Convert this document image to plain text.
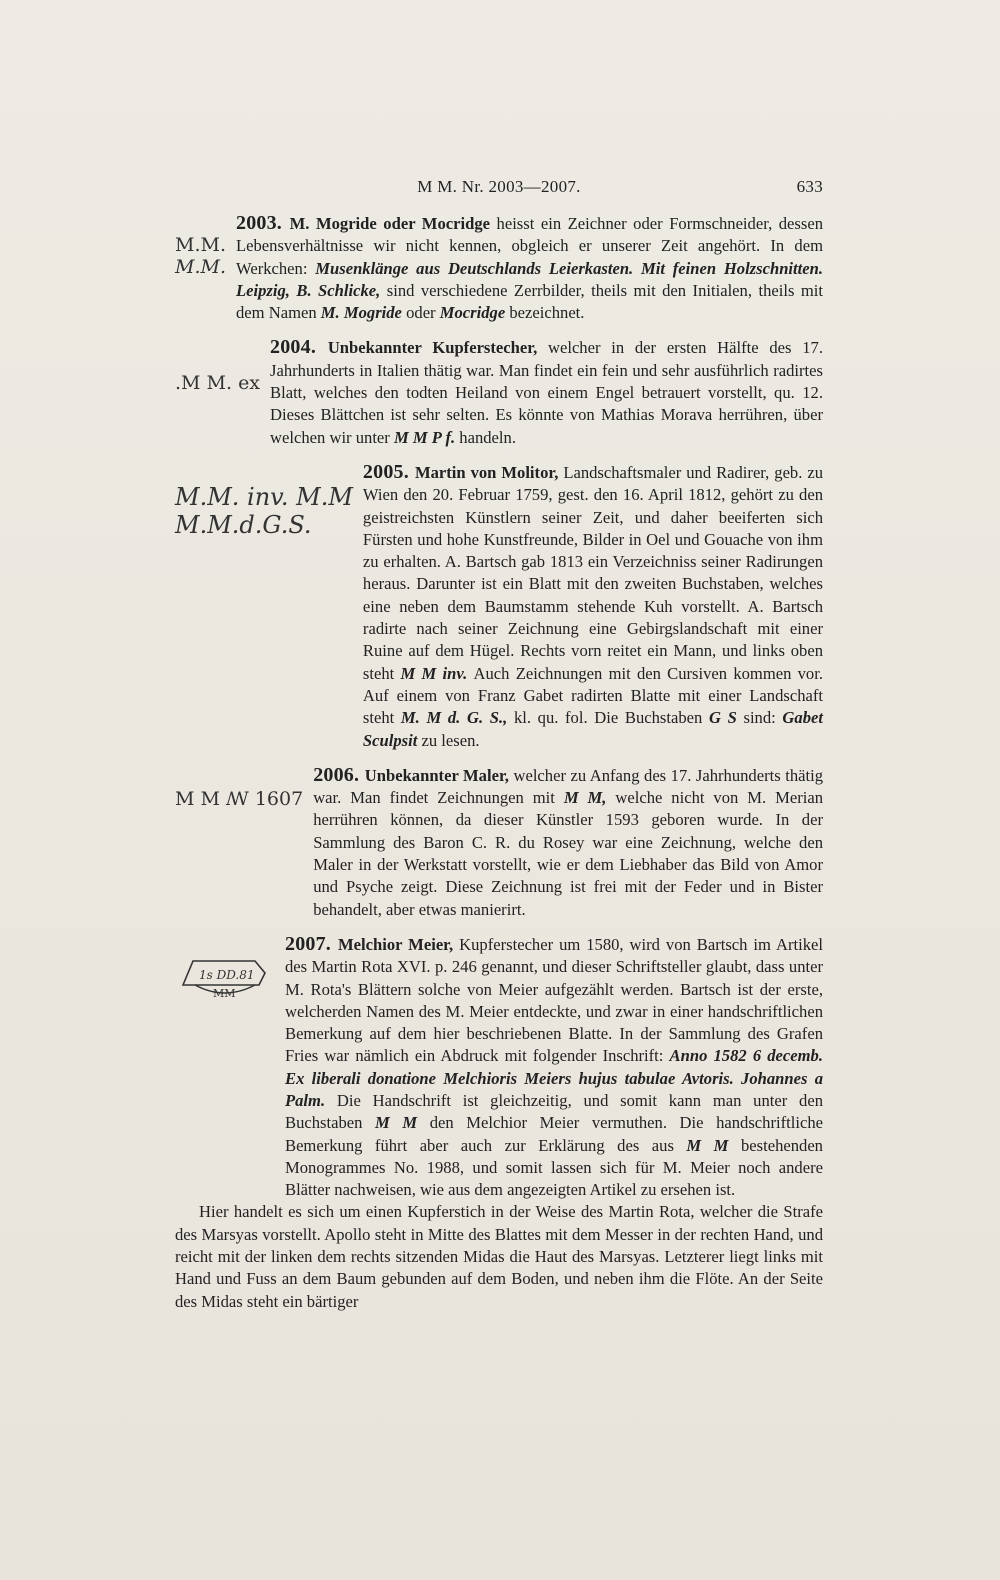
M M. Nr. 2003—2007.	633
M.M.
M.M.

2003. M. Mogride oder Mocridge heisst ein Zeichner oder Formschneider, dessen Lebensverhältnisse wir nicht kennen, obgleich er unserer Zeit angehört. In dem Werkchen: Musenklänge aus Deutschlands Leierkasten. Mit feinen Holzschnitten. Leipzig, B. Schlicke, sind verschiedene Zerrbilder, theils mit den Initialen, theils mit dem Namen M. Mogride oder Mocridge bezeichnet.

.M M. ex

2004. Unbekannter Kupferstecher, welcher in der ersten Hälfte des 17. Jahrhunderts in Italien thätig war. Man findet ein fein und sehr ausführlich radirtes Blatt, welches den todten Heiland von einem Engel betrauert vorstellt, qu. 12. Dieses Blättchen ist sehr selten. Es könnte von Mathias Morava herrühren, über welchen wir unter M M P f. handeln.

M.M. inv. M.M
M.M.d.G.S.

2005. Martin von Molitor, Landschaftsmaler und Radirer, geb. zu Wien den 20. Februar 1759, gest. den 16. April 1812, gehört zu den geistreichsten Künstlern seiner Zeit, und daher beeiferten sich Fürsten und hohe Kunstfreunde, Bilder in Oel und Gouache von ihm zu erhalten. A. Bartsch gab 1813 ein Verzeichniss seiner Radirungen heraus. Darunter ist ein Blatt mit den zweiten Buchstaben, welches eine neben dem Baumstamm stehende Kuh vorstellt. A. Bartsch radirte nach seiner Zeichnung eine Gebirgslandschaft mit einer Ruine auf dem Hügel. Rechts vorn reitet ein Mann, und links oben steht M M inv. Auch Zeichnungen mit den Cursiven kommen vor. Auf einem von Franz Gabet radirten Blatte mit einer Landschaft steht M. M d. G. S., kl. qu. fol. Die Buchstaben G S sind: Gabet Sculpsit zu lesen.

M M ꟿ 1607

2006. Unbekannter Maler, welcher zu Anfang des 17. Jahrhunderts thätig war. Man findet Zeichnungen mit M M, welche nicht von M. Merian herrühren können, da dieser Künstler 1593 geboren wurde. In der Sammlung des Baron C. R. du Rosey war eine Zeichnung, welche den Maler in der Werkstatt vorstellt, wie er dem Liebhaber das Bild von Amor und Psyche zeigt. Diese Zeichnung ist frei mit der Feder und in Bister behandelt, aber etwas manierirt.

1s DD.81
MM

2007. Melchior Meier, Kupferstecher um 1580, wird von Bartsch im Artikel des Martin Rota XVI. p. 246 genannt, und dieser Schriftsteller glaubt, dass unter M. Rota's Blättern solche von Meier aufgezählt werden. Bartsch ist der erste, welcherden Namen des M. Meier entdeckte, und zwar in einer handschriftlichen Bemerkung auf dem hier beschriebenen Blatte. In der Sammlung des Grafen Fries war nämlich ein Abdruck mit folgender Inschrift: Anno 1582 6 decemb. Ex liberali donatione Melchioris Meiers hujus tabulae Avtoris. Johannes a Palm. Die Handschrift ist gleichzeitig, und somit kann man unter den Buchstaben M M den Melchior Meier vermuthen. Die handschriftliche Bemerkung führt aber auch zur Erklärung des aus M M bestehenden Monogrammes No. 1988, und somit lassen sich für M. Meier noch andere Blätter nachweisen, wie aus dem angezeigten Artikel zu ersehen ist.

Hier handelt es sich um einen Kupferstich in der Weise des Martin Rota, welcher die Strafe des Marsyas vorstellt. Apollo steht in Mitte des Blattes mit dem Messer in der rechten Hand, und reicht mit der linken dem rechts sitzenden Midas die Haut des Marsyas. Letzterer liegt links mit Hand und Fuss an dem Baum gebunden auf dem Boden, und neben ihm die Flöte. An der Seite des Midas steht ein bärtiger
